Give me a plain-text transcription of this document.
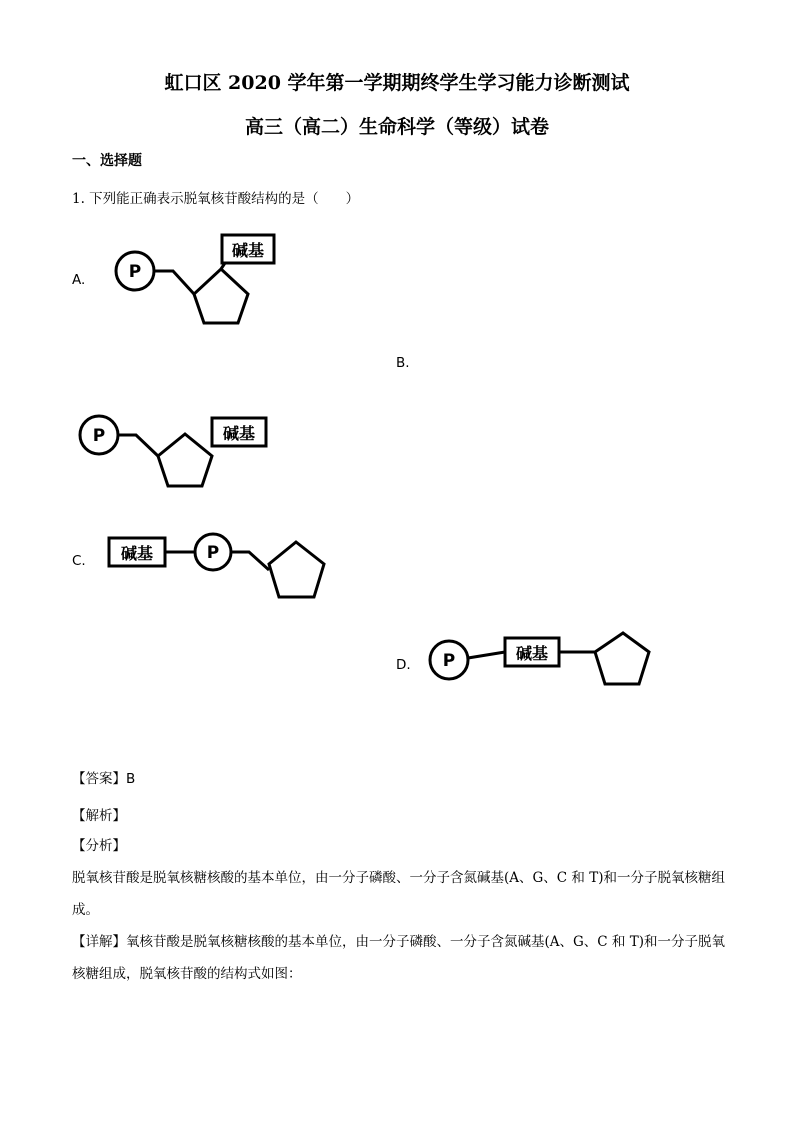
虹口区 2020 学年第一学期期终学生学习能力诊断测试
高三（高二）生命科学（等级）试卷
一、选择题
1. 下列能正确表示脱氧核苷酸结构的是（　　）
A.	P
碱基
B.
P	碱基
C. 碱基	P
D. P	碱基
【答案】B
【解析】
【分析】
脱氧核苷酸是脱氧核糖核酸的基本单位，由一分子磷酸、一分子含氮碱基(A、G、C 和 T)和一分子脱氧核糖组成。
【详解】氧核苷酸是脱氧核糖核酸的基本单位，由一分子磷酸、一分子含氮碱基(A、G、C 和 T)和一分子脱氧核糖组成，脱氧核苷酸的结构式如图：
